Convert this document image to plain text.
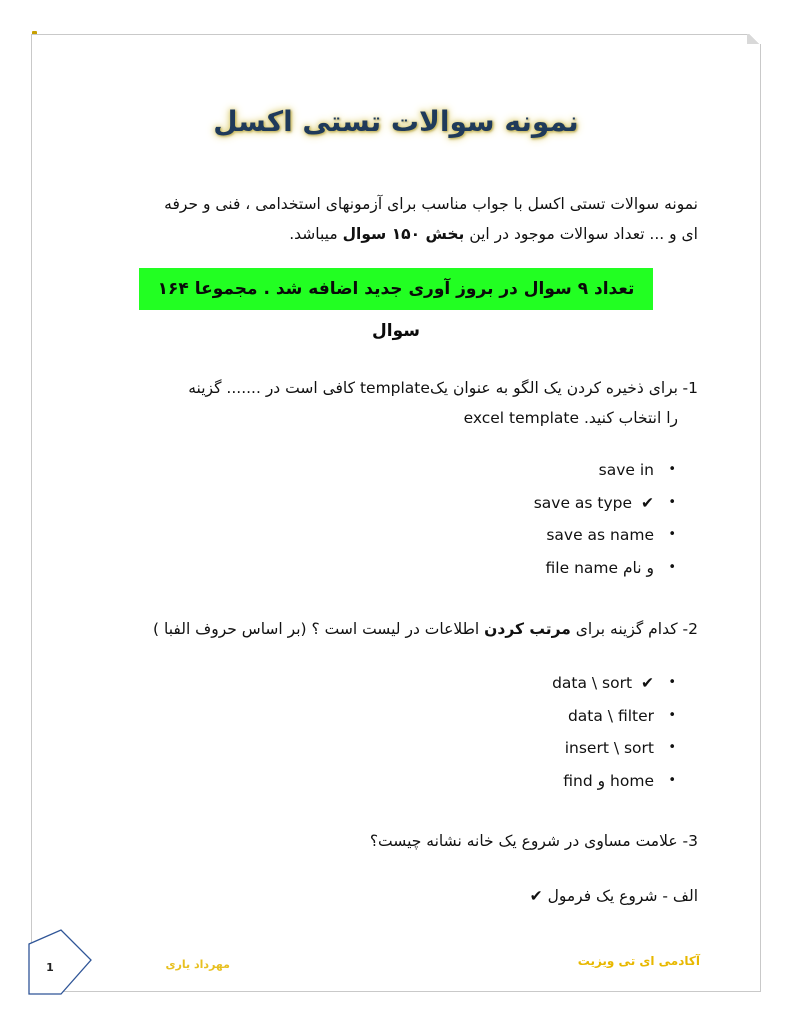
نمونه سوالات تستی اکسل
نمونه سوالات تستی اکسل با جواب مناسب برای آزمونهای استخدامی ، فنی و حرفه
ای و ... تعداد سوالات موجود در این بخش ۱۵۰ سوال میباشد.
تعداد ۹ سوال در بروز آوری جدید اضافه شد . مجموعا ۱۶۴ سوال
1-
برای ذخیره کردن یک الگو به عنوان یکtemplate کافی است در ....... گزینه
را انتخاب کنید. excel template
•
save in
•
save as type ✔
•
save as name
•
file name و نام
2- کدام گزینه برای مرتب کردن اطلاعات در لیست است ؟ (بر اساس حروف الفبا )
•
data \ sort ✔
•
data \ filter
•
insert \ sort
•
find و home
3- علامت مساوی در شروع یک خانه نشانه چیست؟
الف - شروع یک فرمول ✔
آکادمی ای تی ویزیت
مهرداد یاری
1
